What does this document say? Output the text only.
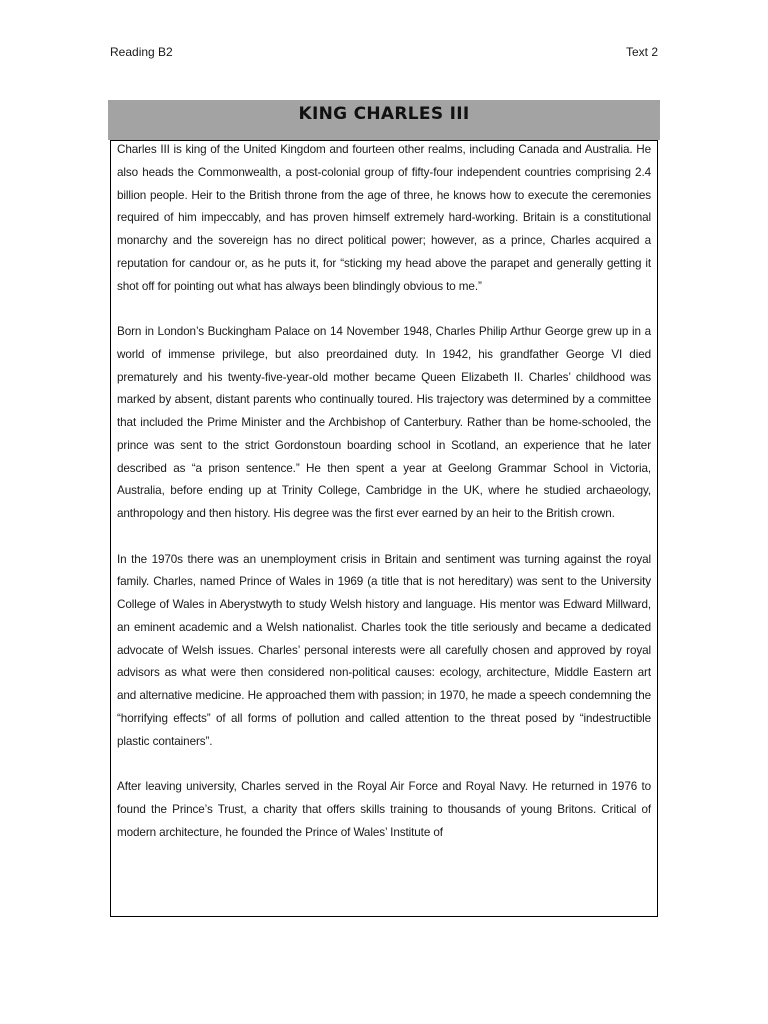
Reading B2	Text 2
KING CHARLES III

Charles III is king of the United Kingdom and fourteen other realms, including Canada and Australia. He also heads the Commonwealth, a post-colonial group of fifty-four independent countries comprising 2.4 billion people. Heir to the British throne from the age of three, he knows how to execute the ceremonies required of him impeccably, and has proven himself extremely hard-working. Britain is a constitutional monarchy and the sovereign has no direct political power; however, as a prince, Charles acquired a reputation for candour or, as he puts it, for “sticking my head above the parapet and generally getting it shot off for pointing out what has always been blindingly obvious to me.”

Born in London’s Buckingham Palace on 14 November 1948, Charles Philip Arthur George grew up in a world of immense privilege, but also preordained duty. In 1942, his grandfather George VI died prematurely and his twenty-five-year-old mother became Queen Elizabeth II. Charles’ childhood was marked by absent, distant parents who continually toured. His trajectory was determined by a committee that included the Prime Minister and the Archbishop of Canterbury. Rather than be home-schooled, the prince was sent to the strict Gordonstoun boarding school in Scotland, an experience that he later described as “a prison sentence.” He then spent a year at Geelong Grammar School in Victoria, Australia, before ending up at Trinity College, Cambridge in the UK, where he studied archaeology, anthropology and then history. His degree was the first ever earned by an heir to the British crown.

In the 1970s there was an unemployment crisis in Britain and sentiment was turning against the royal family. Charles, named Prince of Wales in 1969 (a title that is not hereditary) was sent to the University College of Wales in Aberystwyth to study Welsh history and language. His mentor was Edward Millward, an eminent academic and a Welsh nationalist. Charles took the title seriously and became a dedicated advocate of Welsh issues. Charles’ personal interests were all carefully chosen and approved by royal advisors as what were then considered non-political causes: ecology, architecture, Middle Eastern art and alternative medicine. He approached them with passion; in 1970, he made a speech condemning the “horrifying effects” of all forms of pollution and called attention to the threat posed by “indestructible plastic containers”.

After leaving university, Charles served in the Royal Air Force and Royal Navy. He returned in 1976 to found the Prince’s Trust, a charity that offers skills training to thousands of young Britons. Critical of modern architecture, he founded the Prince of Wales’ Institute of
